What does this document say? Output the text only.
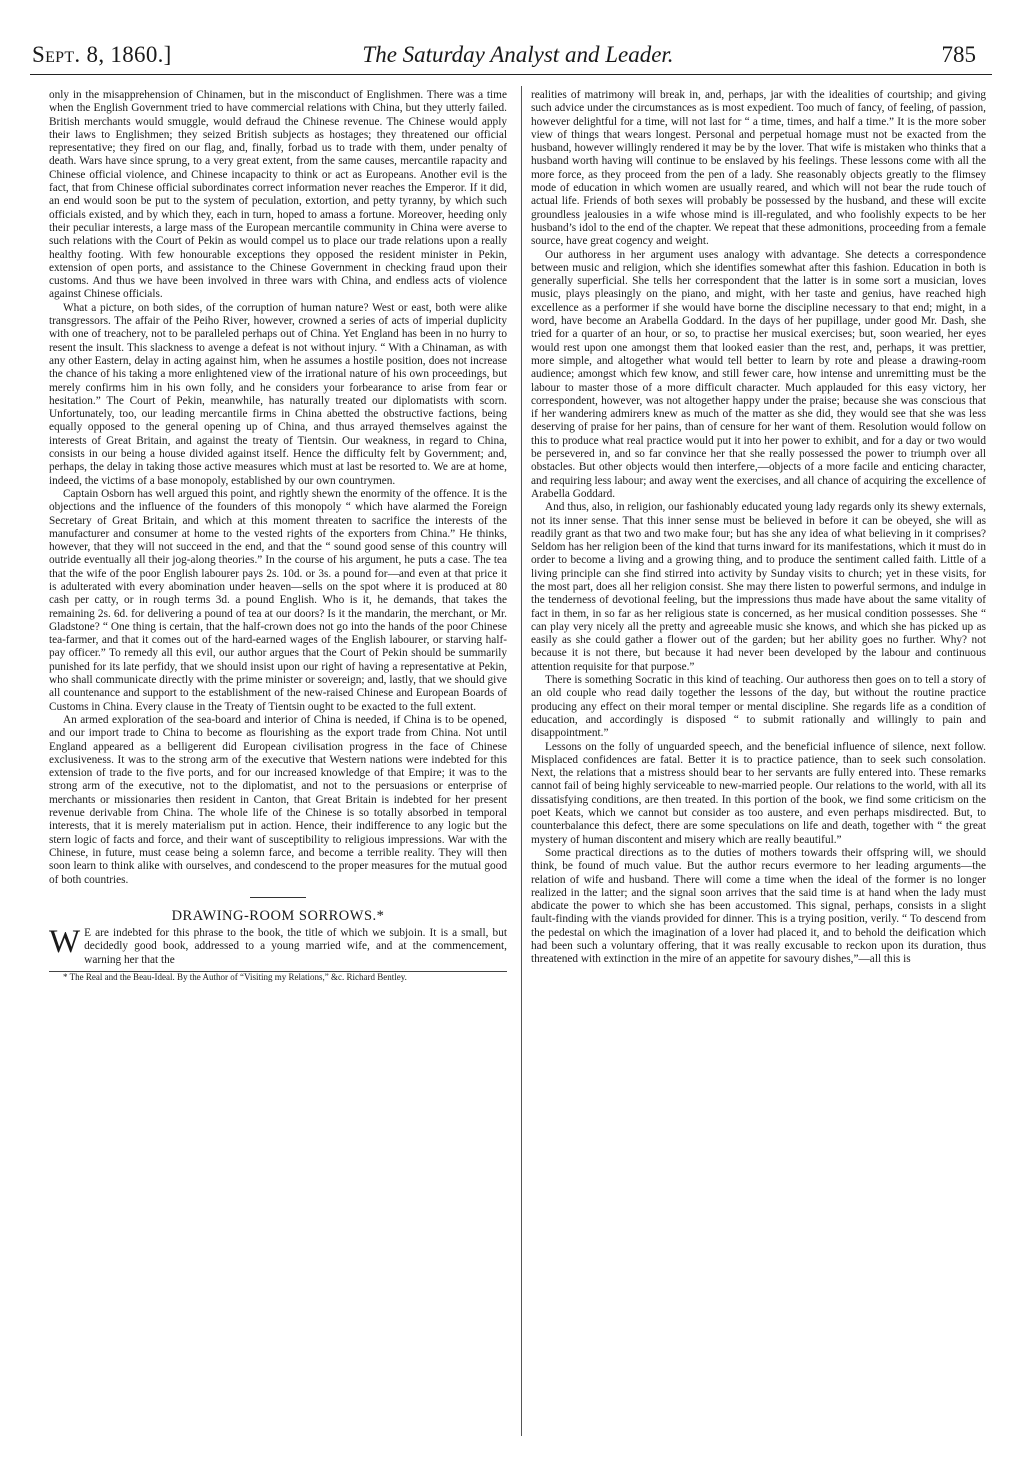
Sept. 8, 1860.]	The Saturday Analyst and Leader.	785

only in the misapprehension of Chinamen, but in the misconduct of Englishmen. There was a time when the English Government tried to have commercial relations with China, but they utterly failed. British merchants would smuggle, would defraud the Chinese revenue. The Chinese would apply their laws to Englishmen; they seized British subjects as hostages; they threatened our official representative; they fired on our flag, and, finally, forbad us to trade with them, under penalty of death. Wars have since sprung, to a very great extent, from the same causes, mercantile rapacity and Chinese official violence, and Chinese incapacity to think or act as Europeans. Another evil is the fact, that from Chinese official subordinates correct information never reaches the Emperor. If it did, an end would soon be put to the system of peculation, extortion, and petty tyranny, by which such officials existed, and by which they, each in turn, hoped to amass a fortune. Moreover, heeding only their peculiar interests, a large mass of the European mercantile community in China were averse to such relations with the Court of Pekin as would compel us to place our trade relations upon a really healthy footing. With few honourable exceptions they opposed the resident minister in Pekin, extension of open ports, and assistance to the Chinese Government in checking fraud upon their customs. And thus we have been involved in three wars with China, and endless acts of violence against Chinese officials.

What a picture, on both sides, of the corruption of human nature? West or east, both were alike transgressors. The affair of the Peiho River, however, crowned a series of acts of imperial duplicity with one of treachery, not to be paralleled perhaps out of China. Yet England has been in no hurry to resent the insult. This slackness to avenge a defeat is not without injury. “ With a Chinaman, as with any other Eastern, delay in acting against him, when he assumes a hostile position, does not increase the chance of his taking a more enlightened view of the irrational nature of his own proceedings, but merely confirms him in his own folly, and he considers your forbearance to arise from fear or hesitation.” The Court of Pekin, meanwhile, has naturally treated our diplomatists with scorn. Unfortunately, too, our leading mercantile firms in China abetted the obstructive factions, being equally opposed to the general opening up of China, and thus arrayed themselves against the interests of Great Britain, and against the treaty of Tientsin. Our weakness, in regard to China, consists in our being a house divided against itself. Hence the difficulty felt by Government; and, perhaps, the delay in taking those active measures which must at last be resorted to. We are at home, indeed, the victims of a base monopoly, established by our own countrymen.

Captain Osborn has well argued this point, and rightly shewn the enormity of the offence. It is the objections and the influence of the founders of this monopoly “ which have alarmed the Foreign Secretary of Great Britain, and which at this moment threaten to sacrifice the interests of the manufacturer and consumer at home to the vested rights of the exporters from China.” He thinks, however, that they will not succeed in the end, and that the “ sound good sense of this country will outride eventually all their jog-along theories.” In the course of his argument, he puts a case. The tea that the wife of the poor English labourer pays 2s. 10d. or 3s. a pound for—and even at that price it is adulterated with every abomination under heaven—sells on the spot where it is produced at 80 cash per catty, or in rough terms 3d. a pound English. Who is it, he demands, that takes the remaining 2s. 6d. for delivering a pound of tea at our doors? Is it the mandarin, the merchant, or Mr. Gladstone? “ One thing is certain, that the half-crown does not go into the hands of the poor Chinese tea-farmer, and that it comes out of the hard-earned wages of the English labourer, or starving half-pay officer.” To remedy all this evil, our author argues that the Court of Pekin should be summarily punished for its late perfidy, that we should insist upon our right of having a representative at Pekin, who shall communicate directly with the prime minister or sovereign; and, lastly, that we should give all countenance and support to the establishment of the new-raised Chinese and European Boards of Customs in China. Every clause in the Treaty of Tientsin ought to be exacted to the full extent.

An armed exploration of the sea-board and interior of China is needed, if China is to be opened, and our import trade to China to become as flourishing as the export trade from China. Not until England appeared as a belligerent did European civilisation progress in the face of Chinese exclusiveness. It was to the strong arm of the executive that Western nations were indebted for this extension of trade to the five ports, and for our increased knowledge of that Empire; it was to the strong arm of the executive, not to the diplomatist, and not to the persuasions or enterprise of merchants or missionaries then resident in Canton, that Great Britain is indebted for her present revenue derivable from China. The whole life of the Chinese is so totally absorbed in temporal interests, that it is merely materialism put in action. Hence, their indifference to any logic but the stern logic of facts and force, and their want of susceptibility to religious impressions. War with the Chinese, in future, must cease being a solemn farce, and become a terrible reality. They will then soon learn to think alike with ourselves, and condescend to the proper measures for the mutual good of both countries.

DRAWING-ROOM SORROWS.*

W E are indebted for this phrase to the book, the title of which we subjoin. It is a small, but decidedly good book, addressed to a young married wife, and at the commencement, warning her that the

* The Real and the Beau-Ideal. By the Author of “Visiting my Relations,” &c. Richard Bentley.

realities of matrimony will break in, and, perhaps, jar with the idealities of courtship; and giving such advice under the circumstances as is most expedient. Too much of fancy, of feeling, of passion, however delightful for a time, will not last for “ a time, times, and half a time.” It is the more sober view of things that wears longest. Personal and perpetual homage must not be exacted from the husband, however willingly rendered it may be by the lover. That wife is mistaken who thinks that a husband worth having will continue to be enslaved by his feelings. These lessons come with all the more force, as they proceed from the pen of a lady. She reasonably objects greatly to the flimsey mode of education in which women are usually reared, and which will not bear the rude touch of actual life. Friends of both sexes will probably be possessed by the husband, and these will excite groundless jealousies in a wife whose mind is ill-regulated, and who foolishly expects to be her husband’s idol to the end of the chapter. We repeat that these admonitions, proceeding from a female source, have great cogency and weight.

Our authoress in her argument uses analogy with advantage. She detects a correspondence between music and religion, which she identifies somewhat after this fashion. Education in both is generally superficial. She tells her correspondent that the latter is in some sort a musician, loves music, plays pleasingly on the piano, and might, with her taste and genius, have reached high excellence as a performer if she would have borne the discipline necessary to that end; might, in a word, have become an Arabella Goddard. In the days of her pupillage, under good Mr. Dash, she tried for a quarter of an hour, or so, to practise her musical exercises; but, soon wearied, her eyes would rest upon one amongst them that looked easier than the rest, and, perhaps, it was prettier, more simple, and altogether what would tell better to learn by rote and please a drawing-room audience; amongst which few know, and still fewer care, how intense and unremitting must be the labour to master those of a more difficult character. Much applauded for this easy victory, her correspondent, however, was not altogether happy under the praise; because she was conscious that if her wandering admirers knew as much of the matter as she did, they would see that she was less deserving of praise for her pains, than of censure for her want of them. Resolution would follow on this to produce what real practice would put it into her power to exhibit, and for a day or two would be persevered in, and so far convince her that she really possessed the power to triumph over all obstacles. But other objects would then interfere,—objects of a more facile and enticing character, and requiring less labour; and away went the exercises, and all chance of acquiring the excellence of Arabella Goddard.

And thus, also, in religion, our fashionably educated young lady regards only its shewy externals, not its inner sense. That this inner sense must be believed in before it can be obeyed, she will as readily grant as that two and two make four; but has she any idea of what believing in it comprises? Seldom has her religion been of the kind that turns inward for its manifestations, which it must do in order to become a living and a growing thing, and to produce the sentiment called faith. Little of a living principle can she find stirred into activity by Sunday visits to church; yet in these visits, for the most part, does all her religion consist. She may there listen to powerful sermons, and indulge in the tenderness of devotional feeling, but the impressions thus made have about the same vitality of fact in them, in so far as her religious state is concerned, as her musical condition possesses. She “ can play very nicely all the pretty and agreeable music she knows, and which she has picked up as easily as she could gather a flower out of the garden; but her ability goes no further. Why? not because it is not there, but because it had never been developed by the labour and continuous attention requisite for that purpose.”

There is something Socratic in this kind of teaching. Our authoress then goes on to tell a story of an old couple who read daily together the lessons of the day, but without the routine practice producing any effect on their moral temper or mental discipline. She regards life as a condition of education, and accordingly is disposed “ to submit rationally and willingly to pain and disappointment.”

Lessons on the folly of unguarded speech, and the beneficial influence of silence, next follow. Misplaced confidences are fatal. Better it is to practice patience, than to seek such consolation. Next, the relations that a mistress should bear to her servants are fully entered into. These remarks cannot fail of being highly serviceable to new-married people. Our relations to the world, with all its dissatisfying conditions, are then treated. In this portion of the book, we find some criticism on the poet Keats, which we cannot but consider as too austere, and even perhaps misdirected. But, to counterbalance this defect, there are some speculations on life and death, together with “ the great mystery of human discontent and misery which are really beautiful.”

Some practical directions as to the duties of mothers towards their offspring will, we should think, be found of much value. But the author recurs evermore to her leading arguments—the relation of wife and husband. There will come a time when the ideal of the former is no longer realized in the latter; and the signal soon arrives that the said time is at hand when the lady must abdicate the power to which she has been accustomed. This signal, perhaps, consists in a slight fault-finding with the viands provided for dinner. This is a trying position, verily. “ To descend from the pedestal on which the imagination of a lover had placed it, and to behold the deification which had been such a voluntary offering, that it was really excusable to reckon upon its duration, thus threatened with extinction in the mire of an appetite for savoury dishes,”—all this is
